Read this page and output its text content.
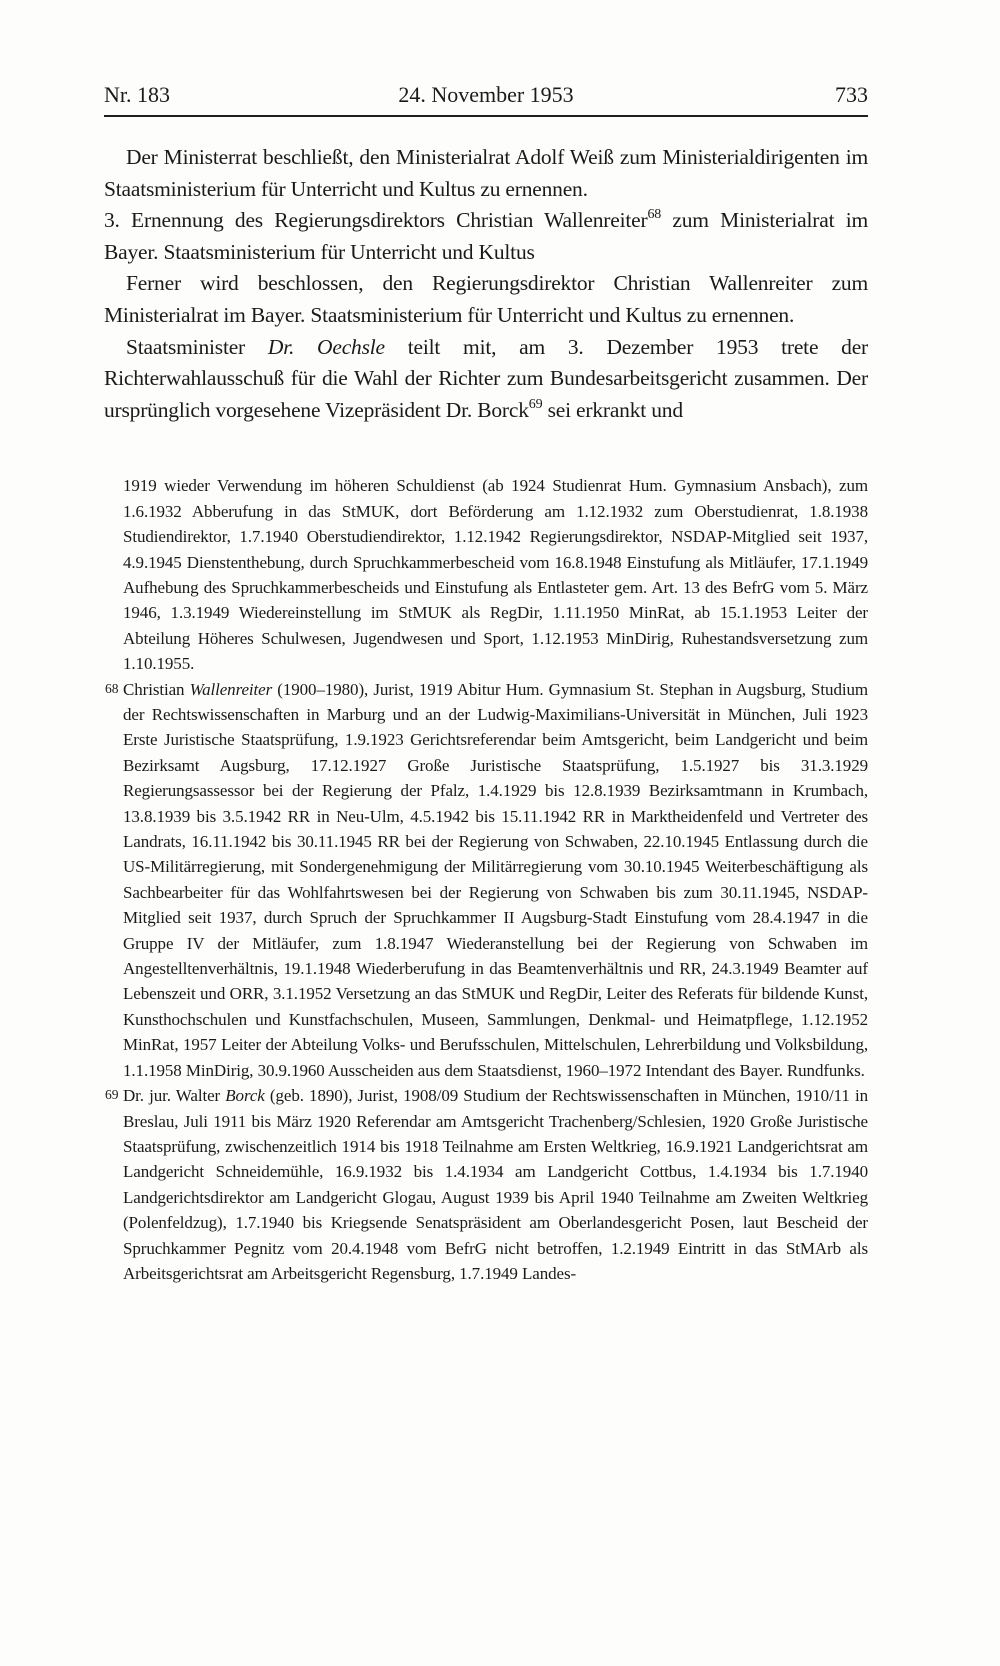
Nr. 183	24. November 1953	733

Der Ministerrat beschließt, den Ministerialrat Adolf Weiß zum Ministerialdirigenten im Staatsministerium für Unterricht und Kultus zu ernennen.

3. Ernennung des Regierungsdirektors Christian Wallenreiter$^{68}$ zum Ministerialrat im Bayer. Staatsministerium für Unterricht und Kultus

Ferner wird beschlossen, den Regierungsdirektor Christian Wallenreiter zum Ministerialrat im Bayer. Staatsministerium für Unterricht und Kultus zu ernennen.

Staatsminister Dr. Oechsle teilt mit, am 3. Dezember 1953 trete der Richterwahlausschuß für die Wahl der Richter zum Bundesarbeitsgericht zusammen. Der ursprünglich vorgesehene Vizepräsident Dr. Borck$^{69}$ sei erkrankt und

1919 wieder Verwendung im höheren Schuldienst (ab 1924 Studienrat Hum. Gymnasium Ansbach), zum 1.6.1932 Abberufung in das StMUK, dort Beförderung am 1.12.1932 zum Oberstudienrat, 1.8.1938 Studiendirektor, 1.7.1940 Oberstudiendirektor, 1.12.1942 Regierungsdirektor, NSDAP-Mitglied seit 1937, 4.9.1945 Dienstenthebung, durch Spruchkammerbescheid vom 16.8.1948 Einstufung als Mitläufer, 17.1.1949 Aufhebung des Spruchkammerbescheids und Einstufung als Entlasteter gem. Art. 13 des BefrG vom 5. März 1946, 1.3.1949 Wiedereinstellung im StMUK als RegDir, 1.11.1950 MinRat, ab 15.1.1953 Leiter der Abteilung Höheres Schulwesen, Jugendwesen und Sport, 1.12.1953 MinDirig, Ruhestandsversetzung zum 1.10.1955.
68 Christian Wallenreiter (1900–1980), Jurist, 1919 Abitur Hum. Gymnasium St. Stephan in Augsburg, Studium der Rechtswissenschaften in Marburg und an der Ludwig-Maximilians-Universität in München, Juli 1923 Erste Juristische Staatsprüfung, 1.9.1923 Gerichtsreferendar beim Amtsgericht, beim Landgericht und beim Bezirksamt Augsburg, 17.12.1927 Große Juristische Staatsprüfung, 1.5.1927 bis 31.3.1929 Regierungsassessor bei der Regierung der Pfalz, 1.4.1929 bis 12.8.1939 Bezirksamtmann in Krumbach, 13.8.1939 bis 3.5.1942 RR in Neu-Ulm, 4.5.1942 bis 15.11.1942 RR in Marktheidenfeld und Vertreter des Landrats, 16.11.1942 bis 30.11.1945 RR bei der Regierung von Schwaben, 22.10.1945 Entlassung durch die US-Militärregierung, mit Sondergenehmigung der Militärregierung vom 30.10.1945 Weiterbeschäftigung als Sachbearbeiter für das Wohlfahrtswesen bei der Regierung von Schwaben bis zum 30.11.1945, NSDAP-Mitglied seit 1937, durch Spruch der Spruchkammer II Augsburg-Stadt Einstufung vom 28.4.1947 in die Gruppe IV der Mitläufer, zum 1.8.1947 Wiederanstellung bei der Regierung von Schwaben im Angestelltenverhältnis, 19.1.1948 Wiederberufung in das Beamtenverhältnis und RR, 24.3.1949 Beamter auf Lebenszeit und ORR, 3.1.1952 Versetzung an das StMUK und RegDir, Leiter des Referats für bildende Kunst, Kunsthochschulen und Kunstfachschulen, Museen, Sammlungen, Denkmal- und Heimatpflege, 1.12.1952 MinRat, 1957 Leiter der Abteilung Volks- und Berufsschulen, Mittelschulen, Lehrerbildung und Volksbildung, 1.1.1958 MinDirig, 30.9.1960 Ausscheiden aus dem Staatsdienst, 1960–1972 Intendant des Bayer. Rundfunks.
69 Dr. jur. Walter Borck (geb. 1890), Jurist, 1908/09 Studium der Rechtswissenschaften in München, 1910/11 in Breslau, Juli 1911 bis März 1920 Referendar am Amtsgericht Trachenberg/Schlesien, 1920 Große Juristische Staatsprüfung, zwischenzeitlich 1914 bis 1918 Teilnahme am Ersten Weltkrieg, 16.9.1921 Landgerichtsrat am Landgericht Schneidemühle, 16.9.1932 bis 1.4.1934 am Landgericht Cottbus, 1.4.1934 bis 1.7.1940 Landgerichtsdirektor am Landgericht Glogau, August 1939 bis April 1940 Teilnahme am Zweiten Weltkrieg (Polenfeldzug), 1.7.1940 bis Kriegsende Senatspräsident am Oberlandesgericht Posen, laut Bescheid der Spruchkammer Pegnitz vom 20.4.1948 vom BefrG nicht betroffen, 1.2.1949 Eintritt in das StMArb als Arbeitsgerichtsrat am Arbeitsgericht Regensburg, 1.7.1949 Landes-
